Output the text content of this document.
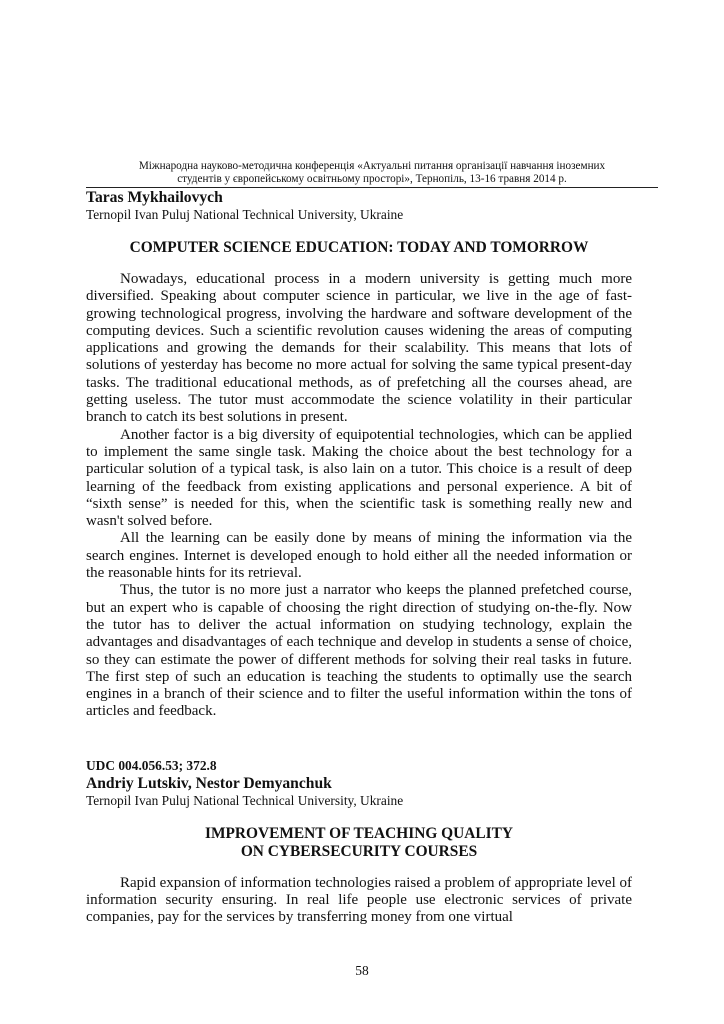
Міжнародна науково-методична конференція «Актуальні питання організації навчання іноземних
студентів у європейському освітньому просторі», Тернопіль, 13-16 травня 2014 р.
Taras Mykhailovych
Ternopil Ivan Puluj National Technical University, Ukraine
COMPUTER SCIENCE EDUCATION: TODAY AND TOMORROW

Nowadays, educational process in a modern university is getting much more diversified. Speaking about computer science in particular, we live in the age of fast-growing technological progress, involving the hardware and software development of the computing devices. Such a scientific revolution causes widening the areas of computing applications and growing the demands for their scalability. This means that lots of solutions of yesterday has become no more actual for solving the same typical present-day tasks. The traditional educational methods, as of prefetching all the courses ahead, are getting useless. The tutor must accommodate the science volatility in their particular branch to catch its best solutions in present.

Another factor is a big diversity of equipotential technologies, which can be applied to implement the same single task. Making the choice about the best technology for a particular solution of a typical task, is also lain on a tutor. This choice is a result of deep learning of the feedback from existing applications and personal experience. A bit of “sixth sense” is needed for this, when the scientific task is something really new and wasn't solved before.

All the learning can be easily done by means of mining the information via the search engines. Internet is developed enough to hold either all the needed information or the reasonable hints for its retrieval.

Thus, the tutor is no more just a narrator who keeps the planned prefetched course, but an expert who is capable of choosing the right direction of studying on-the-fly. Now the tutor has to deliver the actual information on studying technology, explain the advantages and disadvantages of each technique and develop in students a sense of choice, so they can estimate the power of different methods for solving their real tasks in future. The first step of such an education is teaching the students to optimally use the search engines in a branch of their science and to filter the useful information within the tons of articles and feedback.

UDC 004.056.53; 372.8
Andriy Lutskiv, Nestor Demyanchuk
Ternopil Ivan Puluj National Technical University, Ukraine
IMPROVEMENT OF TEACHING QUALITY
ON CYBERSECURITY COURSES

Rapid expansion of information technologies raised a problem of appropriate level of information security ensuring. In real life people use electronic services of private companies, pay for the services by transferring money from one virtual

58
